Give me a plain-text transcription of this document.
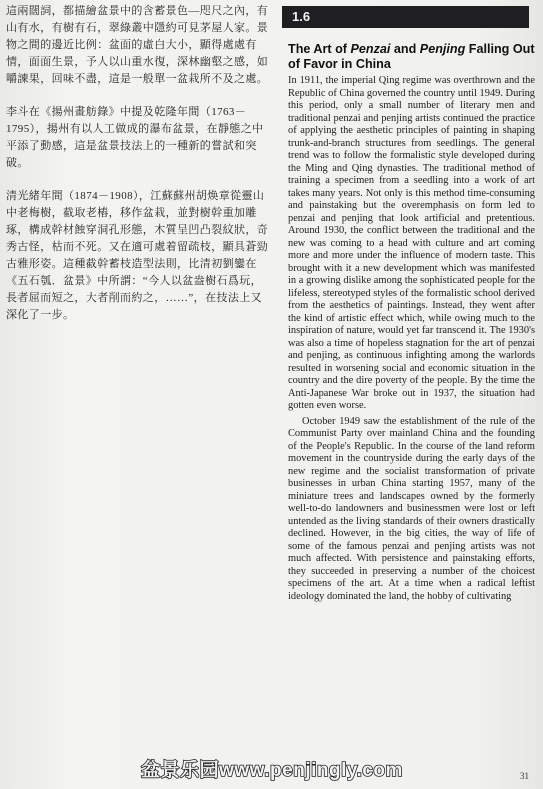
這兩闊詞，都描繪盆景中的含蓄景色—咫尺之內，有山有水，有樹有石，翠綠叢中隱約可見茅屋人家。景物之間的邊近比例：盆面的虛白大小，顯得處處有情，面面生景，予人以山重水復，深林幽壑之感，如嚼諫果，回味不盡，這是一般單一盆栽所不及之處。

李斗在《揚州畫舫錄》中提及乾隆年間（1763－1795），揚州有以人工做成的瀑布盆景，在靜態之中平添了動感，這是盆景技法上的一種新的嘗試和突破。

清光緒年間（1874－1908），江蘇蘇州胡焕章從靈山中老梅樹，截取老樁，移作盆栽，並對樹幹重加雕琢，構成幹材蝕穿洞孔形態，木質呈凹凸裂紋狀，奇秀古怪，枯而不死。又在適可處着留疏枝，顯具蒼勁古雅形姿。這種截幹蓄枝造型法則，比清初劉鑾在《五石瓠．盆景》中所謂：“今人以盆盎樹石爲玩，長者屈而短之，大者削而約之，……”，在技法上又深化了一步。

1.6
The Art of Penzai and Penjing Falling Out of Favor in China

In 1911, the imperial Qing regime was overthrown and the Republic of China governed the country until 1949. During this period, only a small number of literary men and traditional penzai and penjing artists continued the practice of applying the aesthetic principles of painting in shaping trunk-and-branch structures from seedlings. The general trend was to follow the formalistic style developed during the Ming and Qing dynasties. The traditional method of training a specimen from a seedling into a work of art takes many years. Not only is this method time-consuming and painstaking but the overemphasis on form led to penzai and penjing that look artificial and pretentious. Around 1930, the conflict between the traditional and the new was coming to a head with culture and art coming more and more under the influence of modern taste. This brought with it a new development which was manifested in a growing dislike among the sophisticated people for the lifeless, stereotyped styles of the formalistic school derived from the aesthetics of paintings. Instead, they went after the kind of artistic effect which, while owing much to the inspiration of nature, would yet far transcend it. The 1930's was also a time of hopeless stagnation for the art of penzai and penjing, as continuous infighting among the warlords resulted in worsening social and economic situation in the country and the dire poverty of the people. By the time the Anti-Japanese War broke out in 1937, the situation had gotten even worse.

October 1949 saw the establishment of the rule of the Communist Party over mainland China and the founding of the People's Republic. In the course of the land reform movement in the countryside during the early days of the new regime and the socialist transformation of private businesses in urban China starting 1957, many of the miniature trees and landscapes owned by the formerly well-to-do landowners and businessmen were lost or left untended as the living standards of their owners drastically declined. However, in the big cities, the way of life of some of the famous penzai and penjing artists was not much affected. With persistence and painstaking efforts, they succeeded in preserving a number of the choicest specimens of the art. At a time when a radical leftist ideology dominated the land, the hobby of cultivating

盆景乐园www.penjingly.com	31
